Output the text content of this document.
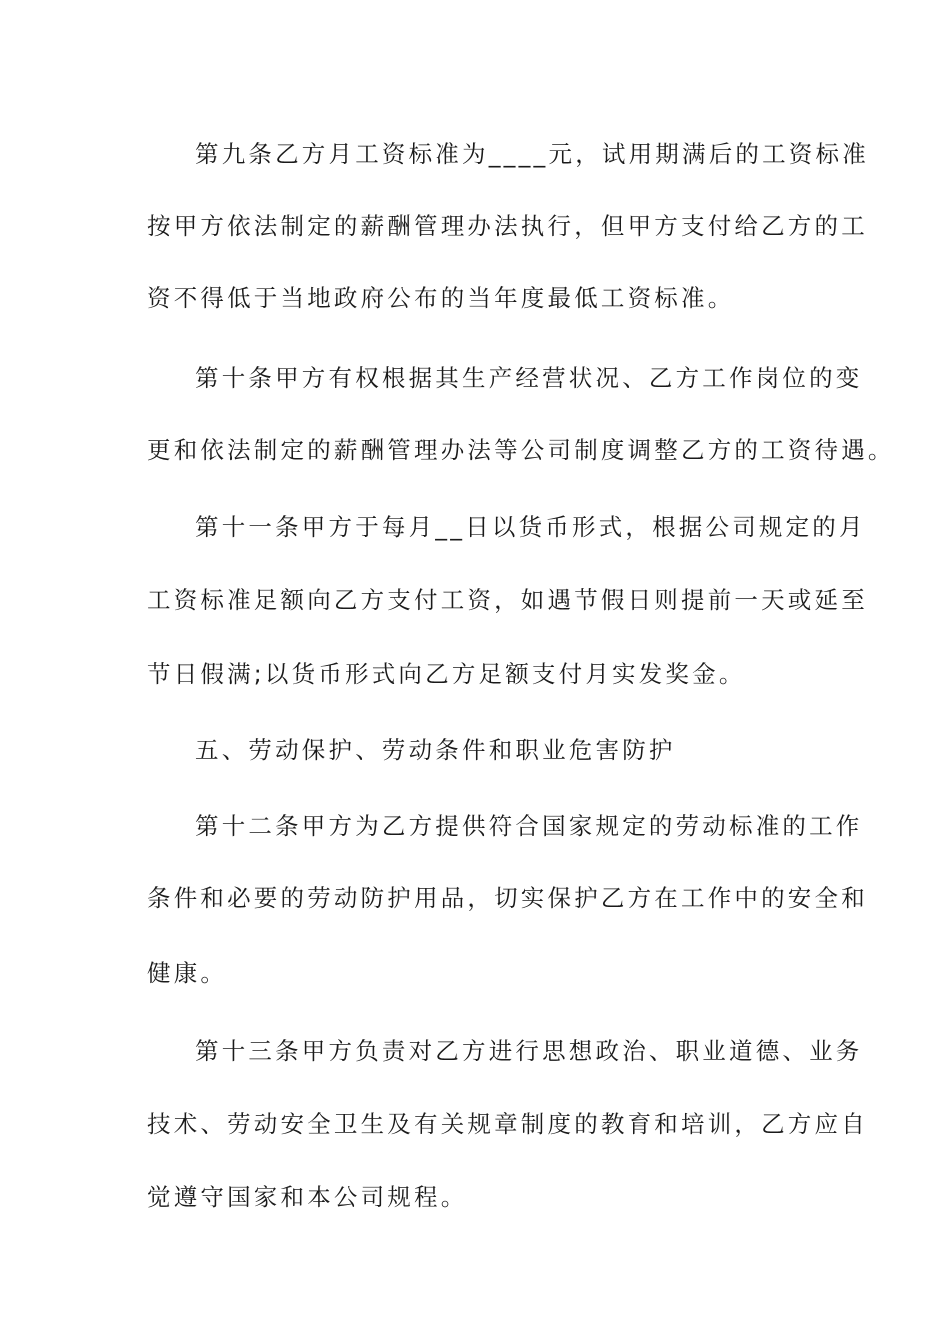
第九条乙方月工资标准为____元，试用期满后的工资标准
按甲方依法制定的薪酬管理办法执行，但甲方支付给乙方的工
资不得低于当地政府公布的当年度最低工资标准。
第十条甲方有权根据其生产经营状况、乙方工作岗位的变
更和依法制定的薪酬管理办法等公司制度调整乙方的工资待遇。
第十一条甲方于每月__日以货币形式，根据公司规定的月
工资标准足额向乙方支付工资，如遇节假日则提前一天或延至
节日假满;以货币形式向乙方足额支付月实发奖金。
五、劳动保护、劳动条件和职业危害防护
第十二条甲方为乙方提供符合国家规定的劳动标准的工作
条件和必要的劳动防护用品，切实保护乙方在工作中的安全和
健康。
第十三条甲方负责对乙方进行思想政治、职业道德、业务
技术、劳动安全卫生及有关规章制度的教育和培训，乙方应自
觉遵守国家和本公司规程。
